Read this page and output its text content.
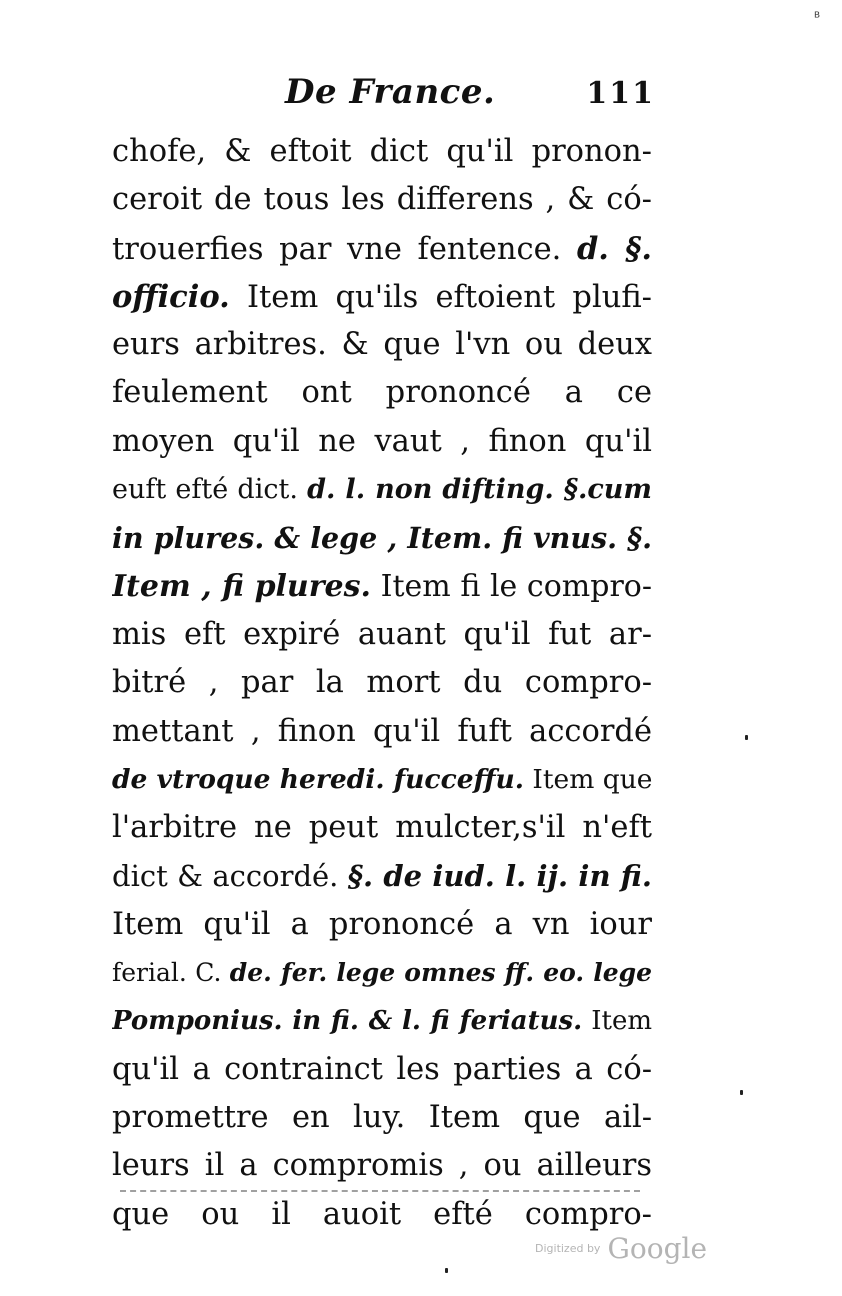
ᴮ
De France.	111
chofe, & eftoit dict qu'il pronon-
ceroit de tous les differens , & có-
trouerfies par vne fentence. d. §.
officio. Item qu'ils eftoient plufi-
eurs arbitres. & que l'vn ou deux
feulement ont prononcé a ce
moyen qu'il ne vaut , finon qu'il
euft efté dict. d. l. non difting. §.cum
in plures. & lege , Item. fi vnus. §.
Item , fi plures. Item fi le compro-
mis eft expiré auant qu'il fut ar-
bitré , par la mort du compro-
mettant , finon qu'il fuft accordé
de vtroque heredi. fucceffu. Item que
l'arbitre ne peut mulcter,s'il n'eft
dict & accordé. §. de iud. l. ij. in fi.
Item qu'il a prononcé a vn iour
ferial. C. de. fer. lege omnes ff. eo. lege
Pomponius. in fi. & l. fi feriatus. Item
qu'il a contrainct les parties a có-
promettre en luy. Item que ail-
leurs il a compromis , ou ailleurs
que ou il auoit efté compro-
Digitized by Google
